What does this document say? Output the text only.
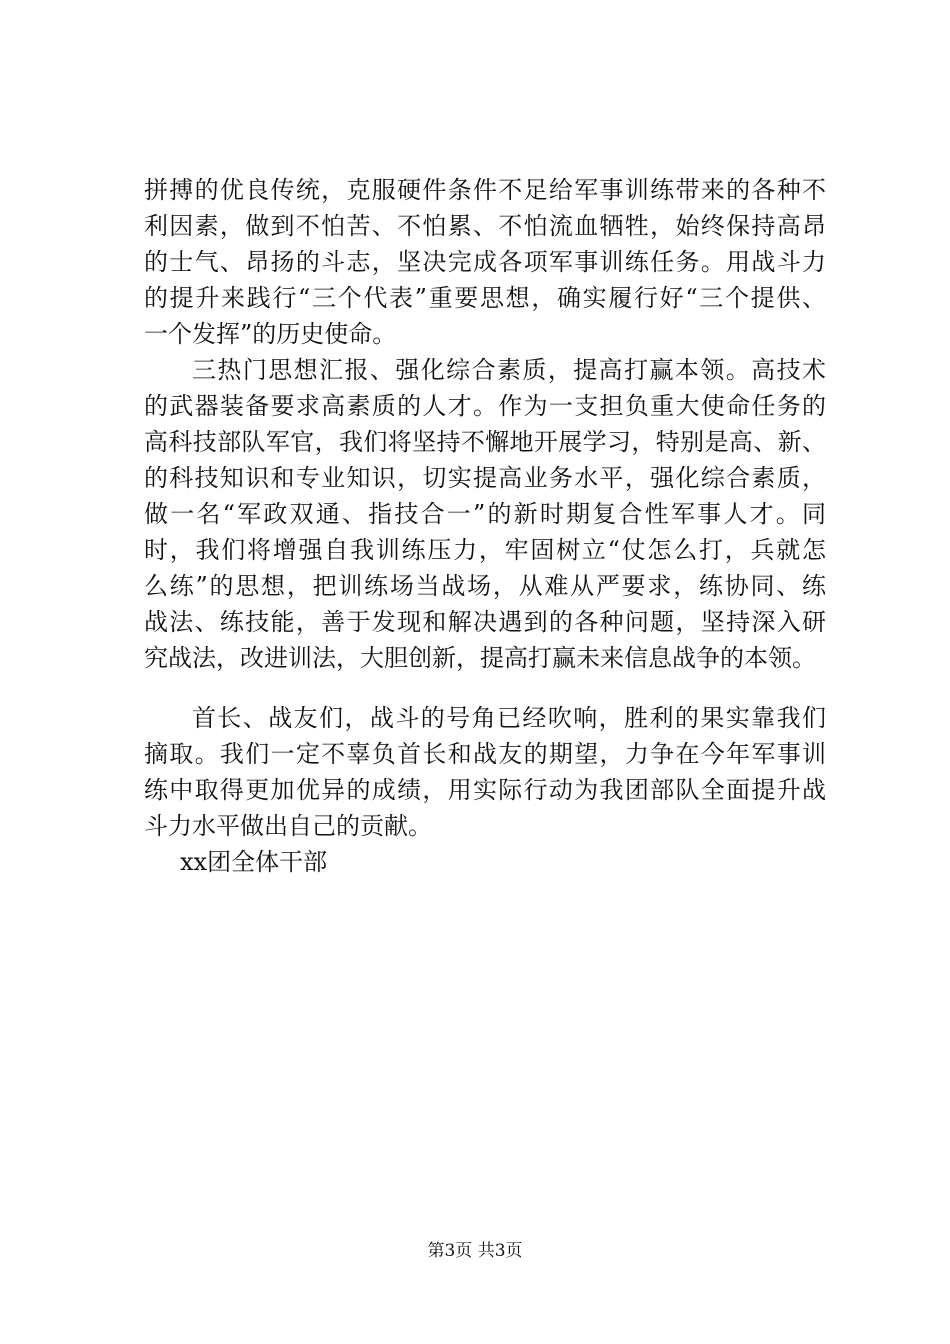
拼搏的优良传统，克服硬件条件不足给军事训练带来的各种不
利因素，做到不怕苦、不怕累、不怕流血牺牲，始终保持高昂
的士气、昂扬的斗志，坚决完成各项军事训练任务。用战斗力
的提升来践行“三个代表”重要思想，确实履行好“三个提供、
一个发挥”的历史使命。
三热门思想汇报、强化综合素质，提高打赢本领。高技术
的武器装备要求高素质的人才。作为一支担负重大使命任务的
高科技部队军官，我们将坚持不懈地开展学习，特别是高、新、
的科技知识和专业知识，切实提高业务水平，强化综合素质，
做一名“军政双通、指技合一”的新时期复合性军事人才。同
时，我们将增强自我训练压力，牢固树立“仗怎么打，兵就怎
么练”的思想，把训练场当战场，从难从严要求，练协同、练
战法、练技能，善于发现和解决遇到的各种问题，坚持深入研
究战法，改进训法，大胆创新，提高打赢未来信息战争的本领。
首长、战友们，战斗的号角已经吹响，胜利的果实靠我们
摘取。我们一定不辜负首长和战友的期望，力争在今年军事训
练中取得更加优异的成绩，用实际行动为我团部队全面提升战
斗力水平做出自己的贡献。
xx团全体干部
第3页 共3页
